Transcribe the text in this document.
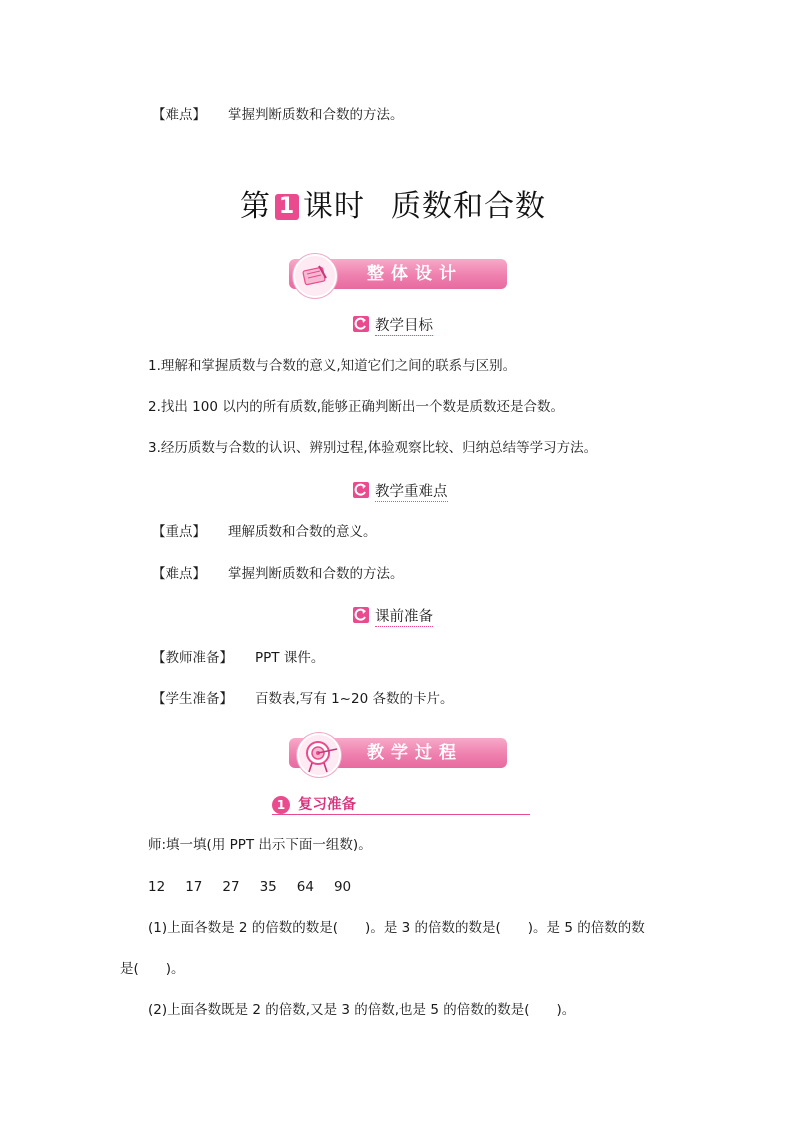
【难点】 掌握判断质数和合数的方法。
第 1 课时 质数和合数
整体设计
教学目标
1.理解和掌握质数与合数的意义,知道它们之间的联系与区别。
2.找出 100 以内的所有质数,能够正确判断出一个数是质数还是合数。
3.经历质数与合数的认识、辨别过程,体验观察比较、归纳总结等学习方法。
教学重难点
【重点】 理解质数和合数的意义。
【难点】 掌握判断质数和合数的方法。
课前准备
【教师准备】 PPT 课件。
【学生准备】 百数表,写有 1~20 各数的卡片。
教学过程
1 复习准备
师:填一填(用 PPT 出示下面一组数)。
12 17 27 35 64 90
(1)上面各数是 2 的倍数的数是(　　)。是 3 的倍数的数是(　　)。是 5 的倍数的数
是(　　)。
(2)上面各数既是 2 的倍数,又是 3 的倍数,也是 5 的倍数的数是(　　)。
